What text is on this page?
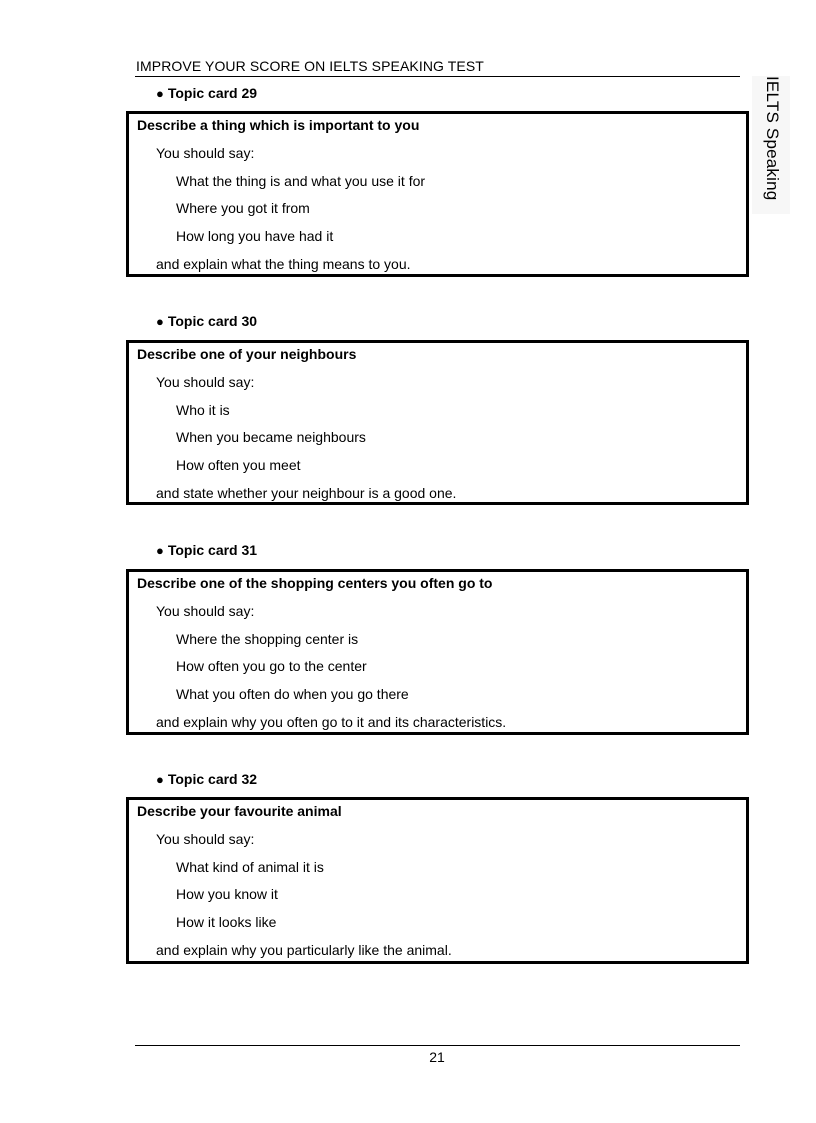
IMPROVE YOUR SCORE ON IELTS SPEAKING TEST
IELTS Speaking
● Topic card 29
Describe a thing which is important to you
You should say:
What the thing is and what you use it for
Where you got it from
How long you have had it
and explain what the thing means to you.
● Topic card 30
Describe one of your neighbours
You should say:
Who it is
When you became neighbours
How often you meet
and state whether your neighbour is a good one.
● Topic card 31
Describe one of the shopping centers you often go to
You should say:
Where the shopping center is
How often you go to the center
What you often do when you go there
and explain why you often go to it and its characteristics.
● Topic card 32
Describe your favourite animal
You should say:
What kind of animal it is
How you know it
How it looks like
and explain why you particularly like the animal.
21
